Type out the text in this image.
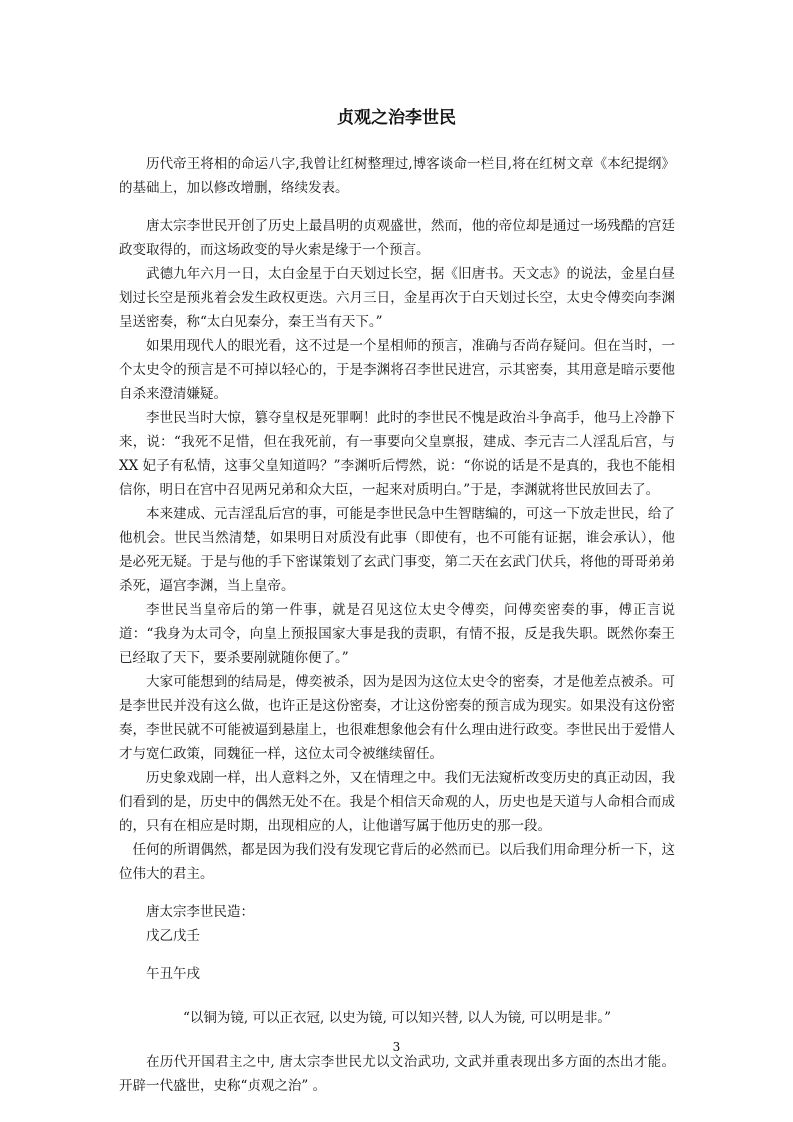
贞观之治李世民

历代帝王将相的命运八字,我曾让红树整理过,博客谈命一栏目,将在红树文章《本纪提纲》的基础上，加以修改增删，络续发表。

唐太宗李世民开创了历史上最昌明的贞观盛世，然而，他的帝位却是通过一场残酷的宫廷政变取得的，而这场政变的导火索是缘于一个预言。

武德九年六月一日，太白金星于白天划过长空，据《旧唐书。天文志》的说法，金星白昼划过长空是预兆着会发生政权更迭。六月三日，金星再次于白天划过长空，太史令傅奕向李渊呈送密奏，称“太白见秦分，秦王当有天下。”

如果用现代人的眼光看，这不过是一个星相师的预言，准确与否尚存疑问。但在当时，一个太史令的预言是不可掉以轻心的，于是李渊将召李世民进宫，示其密奏，其用意是暗示要他自杀来澄清嫌疑。

李世民当时大惊，篡夺皇权是死罪啊！此时的李世民不愧是政治斗争高手，他马上冷静下来，说：“我死不足惜，但在我死前，有一事要向父皇禀报，建成、李元吉二人淫乱后宫，与 XX 妃子有私情，这事父皇知道吗？”李渊听后愕然，说：“你说的话是不是真的，我也不能相信你，明日在宫中召见两兄弟和众大臣，一起来对质明白。”于是，李渊就将世民放回去了。

本来建成、元吉淫乱后宫的事，可能是李世民急中生智瞎编的，可这一下放走世民，给了他机会。世民当然清楚，如果明日对质没有此事（即使有，也不可能有证据，谁会承认），他是必死无疑。于是与他的手下密谋策划了玄武门事变，第二天在玄武门伏兵，将他的哥哥弟弟杀死，逼宫李渊，当上皇帝。

李世民当皇帝后的第一件事，就是召见这位太史令傅奕，问傅奕密奏的事，傅正言说道：“我身为太司令，向皇上预报国家大事是我的责职，有情不报，反是我失职。既然你秦王已经取了天下，要杀要剐就随你便了。”

大家可能想到的结局是，傅奕被杀，因为是因为这位太史令的密奏，才是他差点被杀。可是李世民并没有这么做，也许正是这份密奏，才让这份密奏的预言成为现实。如果没有这份密奏，李世民就不可能被逼到悬崖上，也很难想象他会有什么理由进行政变。李世民出于爱惜人才与宽仁政策，同魏征一样，这位太司令被继续留任。

历史象戏剧一样，出人意料之外，又在情理之中。我们无法窥析改变历史的真正动因，我们看到的是，历史中的偶然无处不在。我是个相信天命观的人，历史也是天道与人命相合而成的，只有在相应是时期，出现相应的人，让他谱写属于他历史的那一段。

任何的所谓偶然，都是因为我们没有发现它背后的必然而已。以后我们用命理分析一下，这位伟大的君主。

唐太宗李世民造：

戊乙戊壬

午丑午戌

“以铜为镜, 可以正衣冠, 以史为镜, 可以知兴替, 以人为镜, 可以明是非。”

在历代开国君主之中, 唐太宗李世民尤以文治武功, 文武并重表现出多方面的杰出才能。开辟一代盛世，史称“贞观之治” 。

3
